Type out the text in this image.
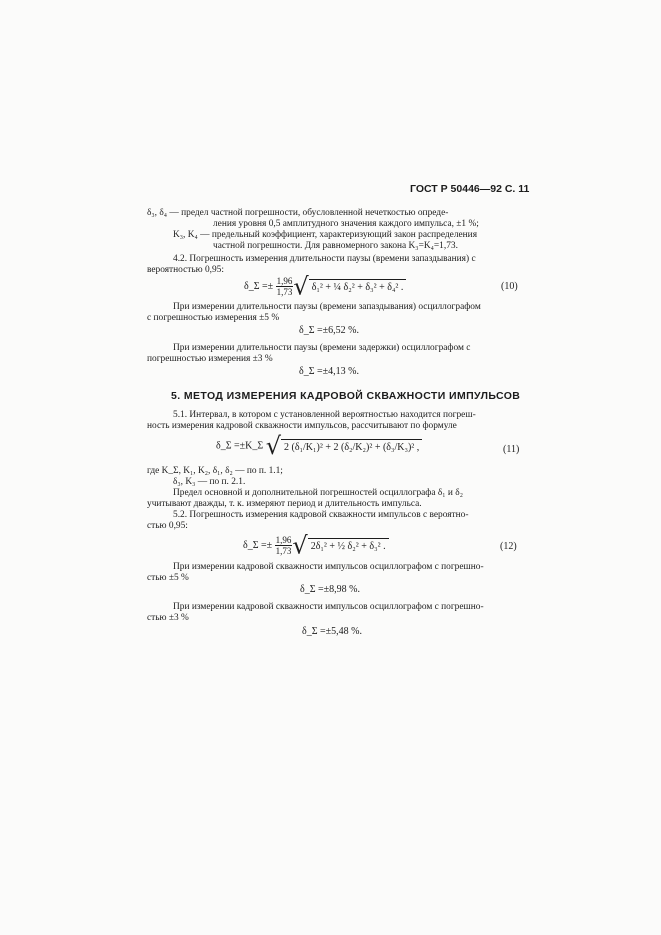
ГОСТ Р 50446—92 С. 11
δ₃, δ₄ — предел частной погрешности, обусловленной нечеткостью опреде-
ления уровня 0,5 амплитудного значения каждого импульса, ±1 %;
K₃, K₄ — предельный коэффициент, характеризующий закон распределения
частной погрешности. Для равномерного закона K₃=K₄=1,73.
4.2. Погрешность измерения длительности паузы (времени запаздывания) с
вероятностью 0,95:
δ_Σ =± $\frac{1,96}{1,73}$ √ δ₁² + ¼ δ₂² + δ₃² + δ₄² .	(10)
При измерении длительности паузы (времени запаздывания) осциллографом
с погрешностью измерения ±5 %
δ_Σ =±6,52 %.
При измерении длительности паузы (времени задержки) осциллографом с
погрешностью измерения ±3 %
δ_Σ =±4,13 %.
5. МЕТОД ИЗМЕРЕНИЯ КАДРОВОЙ СКВАЖНОСТИ ИМПУЛЬСОВ
5.1. Интервал, в котором с установленной вероятностью находится погреш-
ность измерения кадровой скважности импульсов, рассчитывают по формуле
δ_Σ =±K_Σ √ 2 (δ₁/K₁)² + 2 (δ₂/K₂)² + (δ₃/K₃)² ,	(11)
где K_Σ, K₁, K₂, δ₁, δ₂ — по п. 1.1;
δ₃, K₃ — по п. 2.1.
Предел основной и дополнительной погрешностей осциллографа δ₁ и δ₂
учитывают дважды, т. к. измеряют период и длительность импульса.
5.2. Погрешность измерения кадровой скважности импульсов с вероятно-
стью 0,95:
δ_Σ =± $\frac{1,96}{1,73}$ √ 2δ₁² + ½ δ₂² + δ₃² .	(12)
При измерении кадровой скважности импульсов осциллографом с погрешно-
стью ±5 %
δ_Σ =±8,98 %.
При измерении кадровой скважности импульсов осциллографом с погрешно-
стью ±3 %
δ_Σ =±5,48 %.
